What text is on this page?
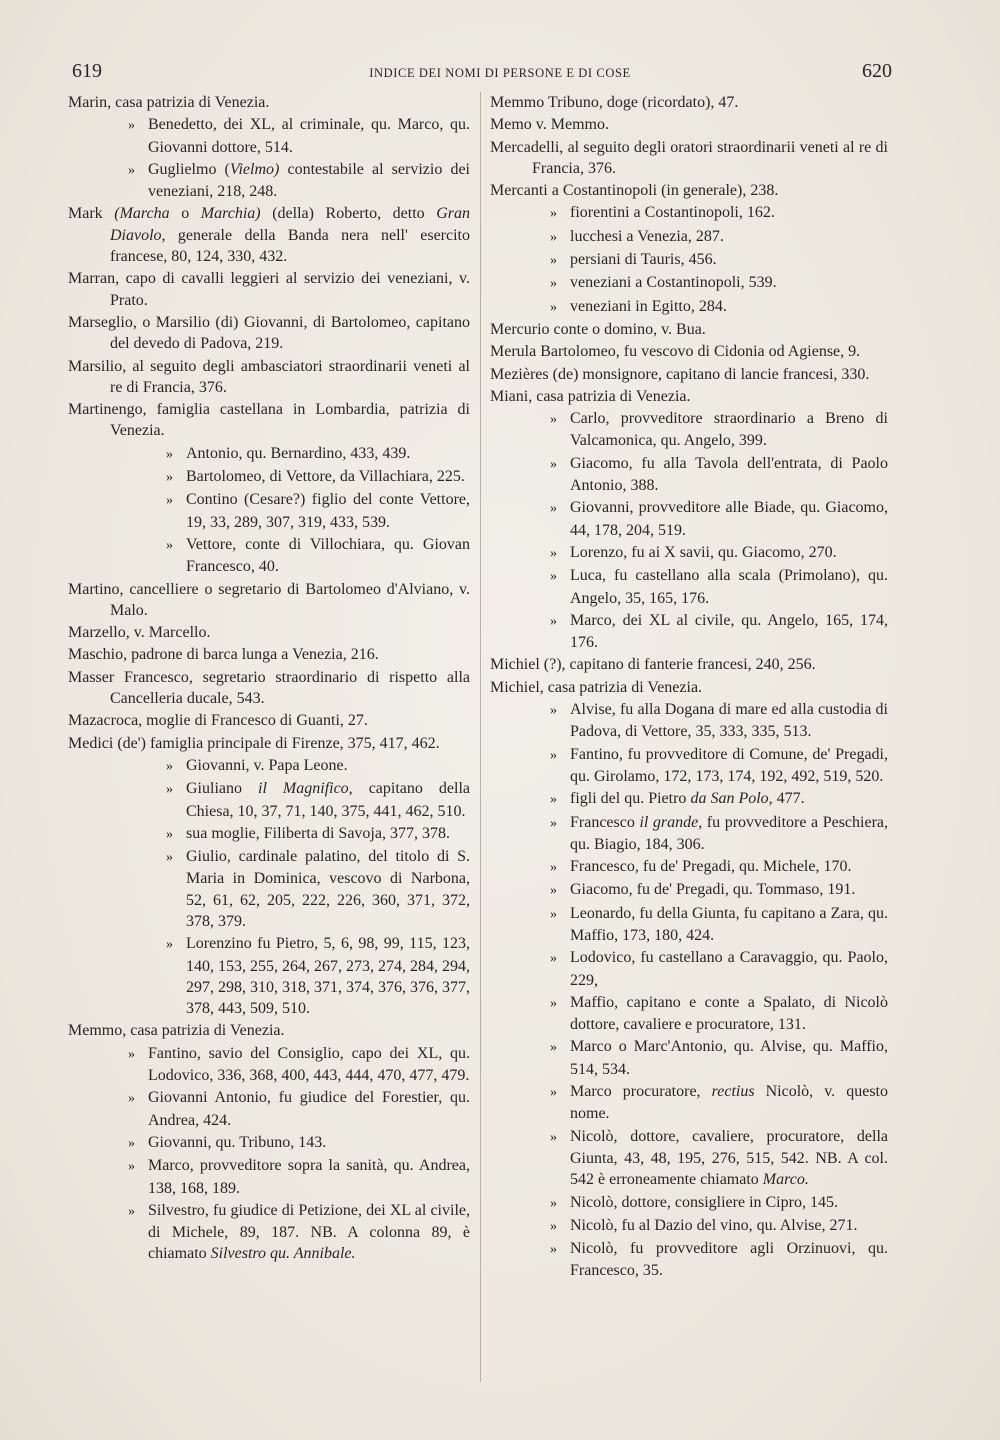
619	INDICE DEI NOMI DI PERSONE E DI COSE	620
Marin, casa patrizia di Venezia.
» Benedetto, dei XL, al criminale, qu. Marco, qu. Giovanni dottore, 514.
» Guglielmo (Vielmo) contestabile al servizio dei veneziani, 218, 248.
Mark (Marcha o Marchia) (della) Roberto, detto Gran Diavolo, generale della Banda nera nell' esercito francese, 80, 124, 330, 432.
Marran, capo di cavalli leggieri al servizio dei veneziani, v. Prato.
Marseglio, o Marsilio (di) Giovanni, di Bartolomeo, capitano del devedo di Padova, 219.
Marsilio, al seguito degli ambasciatori straordinarii veneti al re di Francia, 376.
Martinengo, famiglia castellana in Lombardia, patrizia di Venezia.
» Antonio, qu. Bernardino, 433, 439.
» Bartolomeo, di Vettore, da Villachiara, 225.
» Contino (Cesare?) figlio del conte Vettore, 19, 33, 289, 307, 319, 433, 539.
» Vettore, conte di Villochiara, qu. Giovan Francesco, 40.
Martino, cancelliere o segretario di Bartolomeo d'Alviano, v. Malo.
Marzello, v. Marcello.
Maschio, padrone di barca lunga a Venezia, 216.
Masser Francesco, segretario straordinario di rispetto alla Cancelleria ducale, 543.
Mazacroca, moglie di Francesco di Guanti, 27.
Medici (de') famiglia principale di Firenze, 375, 417, 462.
» Giovanni, v. Papa Leone.
» Giuliano il Magnifico, capitano della Chiesa, 10, 37, 71, 140, 375, 441, 462, 510.
» sua moglie, Filiberta di Savoja, 377, 378.
» Giulio, cardinale palatino, del titolo di S. Maria in Dominica, vescovo di Narbona, 52, 61, 62, 205, 222, 226, 360, 371, 372, 378, 379.
» Lorenzino fu Pietro, 5, 6, 98, 99, 115, 123, 140, 153, 255, 264, 267, 273, 274, 284, 294, 297, 298, 310, 318, 371, 374, 376, 376, 377, 378, 443, 509, 510.
Memmo, casa patrizia di Venezia.
» Fantino, savio del Consiglio, capo dei XL, qu. Lodovico, 336, 368, 400, 443, 444, 470, 477, 479.
» Giovanni Antonio, fu giudice del Forestier, qu. Andrea, 424.
» Giovanni, qu. Tribuno, 143.
» Marco, provveditore sopra la sanità, qu. Andrea, 138, 168, 189.
» Silvestro, fu giudice di Petizione, dei XL al civile, di Michele, 89, 187. NB. A colonna 89, è chiamato Silvestro qu. Annibale.
Memmo Tribuno, doge (ricordato), 47.
Memo v. Memmo.
Mercadelli, al seguito degli oratori straordinarii veneti al re di Francia, 376.
Mercanti a Costantinopoli (in generale), 238.
» fiorentini a Costantinopoli, 162.
» lucchesi a Venezia, 287.
» persiani di Tauris, 456.
» veneziani a Costantinopoli, 539.
» veneziani in Egitto, 284.
Mercurio conte o domino, v. Bua.
Merula Bartolomeo, fu vescovo di Cidonia od Agiense, 9.
Mezières (de) monsignore, capitano di lancie francesi, 330.
Miani, casa patrizia di Venezia.
» Carlo, provveditore straordinario a Breno di Valcamonica, qu. Angelo, 399.
» Giacomo, fu alla Tavola dell'entrata, di Paolo Antonio, 388.
» Giovanni, provveditore alle Biade, qu. Giacomo, 44, 178, 204, 519.
» Lorenzo, fu ai X savii, qu. Giacomo, 270.
» Luca, fu castellano alla scala (Primolano), qu. Angelo, 35, 165, 176.
» Marco, dei XL al civile, qu. Angelo, 165, 174, 176.
Michiel (?), capitano di fanterie francesi, 240, 256.
Michiel, casa patrizia di Venezia.
» Alvise, fu alla Dogana di mare ed alla custodia di Padova, di Vettore, 35, 333, 335, 513.
» Fantino, fu provveditore di Comune, de' Pregadi, qu. Girolamo, 172, 173, 174, 192, 492, 519, 520.
» figli del qu. Pietro da San Polo, 477.
» Francesco il grande, fu provveditore a Peschiera, qu. Biagio, 184, 306.
» Francesco, fu de' Pregadi, qu. Michele, 170.
» Giacomo, fu de' Pregadi, qu. Tommaso, 191.
» Leonardo, fu della Giunta, fu capitano a Zara, qu. Maffio, 173, 180, 424.
» Lodovico, fu castellano a Caravaggio, qu. Paolo, 229,
» Maffio, capitano e conte a Spalato, di Nicolò dottore, cavaliere e procuratore, 131.
» Marco o Marc'Antonio, qu. Alvise, qu. Maffio, 514, 534.
» Marco procuratore, rectius Nicolò, v. questo nome.
» Nicolò, dottore, cavaliere, procuratore, della Giunta, 43, 48, 195, 276, 515, 542. NB. A col. 542 è erroneamente chiamato Marco.
» Nicolò, dottore, consigliere in Cipro, 145.
» Nicolò, fu al Dazio del vino, qu. Alvise, 271.
» Nicolò, fu provveditore agli Orzinuovi, qu. Francesco, 35.
